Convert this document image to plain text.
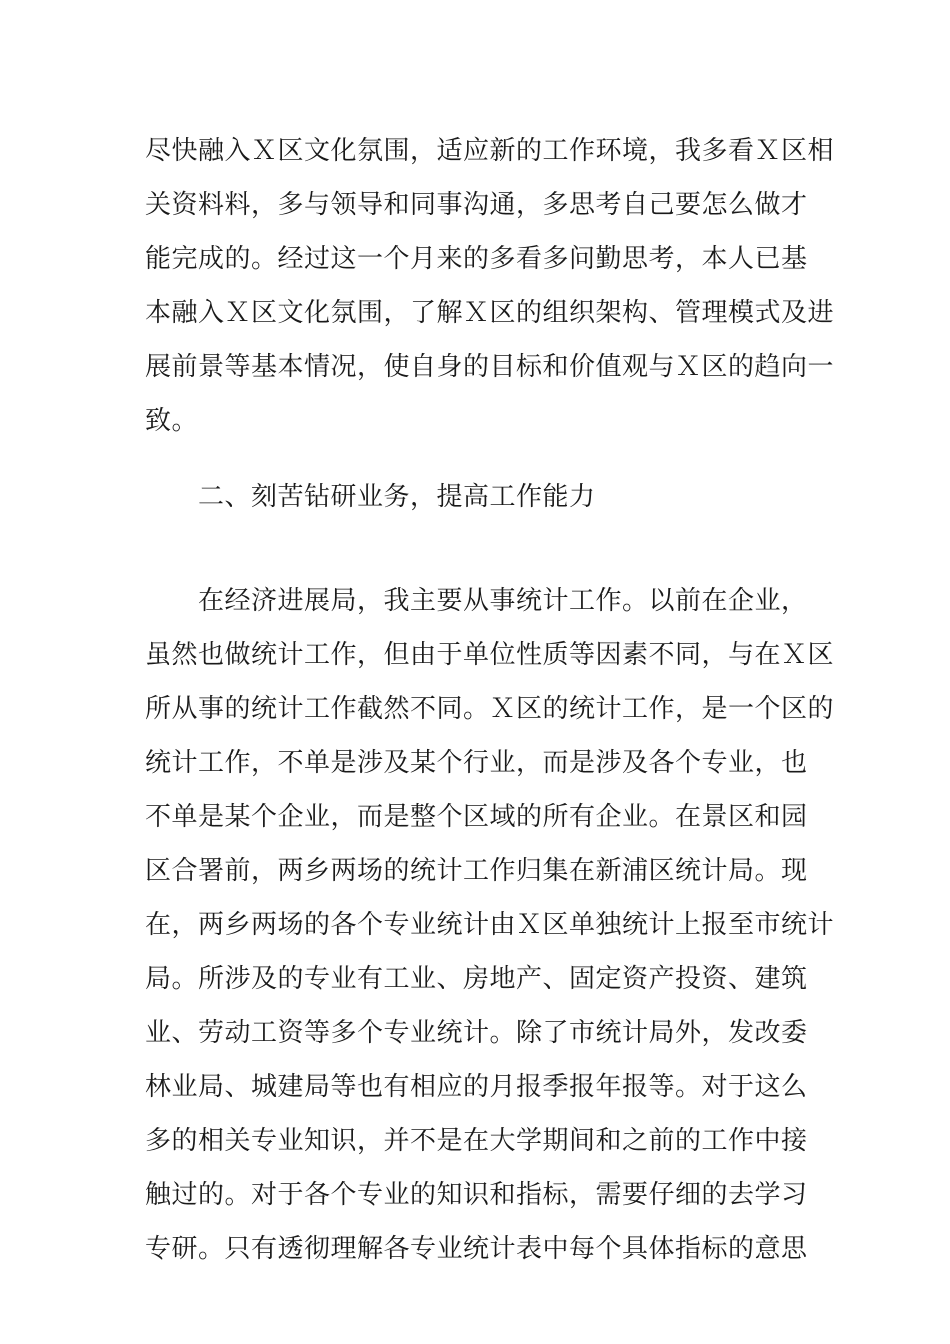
尽快融入Ｘ区文化氛围，适应新的工作环境，我多看Ｘ区相
关资料料，多与领导和同事沟通，多思考自己要怎么做才
能完成的。经过这一个月来的多看多问勤思考，本人已基
本融入Ｘ区文化氛围，了解Ｘ区的组织架构、管理模式及进
展前景等基本情况，使自身的目标和价值观与Ｘ区的趋向一
致。
二、刻苦钻研业务，提高工作能力
　　在经济进展局，我主要从事统计工作。以前在企业，
虽然也做统计工作，但由于单位性质等因素不同，与在Ｘ区
所从事的统计工作截然不同。Ｘ区的统计工作，是一个区的
统计工作，不单是涉及某个行业，而是涉及各个专业，也
不单是某个企业，而是整个区域的所有企业。在景区和园
区合署前，两乡两场的统计工作归集在新浦区统计局。现
在，两乡两场的各个专业统计由Ｘ区单独统计上报至市统计
局。所涉及的专业有工业、房地产、固定资产投资、建筑
业、劳动工资等多个专业统计。除了市统计局外，发改委
林业局、城建局等也有相应的月报季报年报等。对于这么
多的相关专业知识，并不是在大学期间和之前的工作中接
触过的。对于各个专业的知识和指标，需要仔细的去学习
专研。只有透彻理解各专业统计表中每个具体指标的意思
